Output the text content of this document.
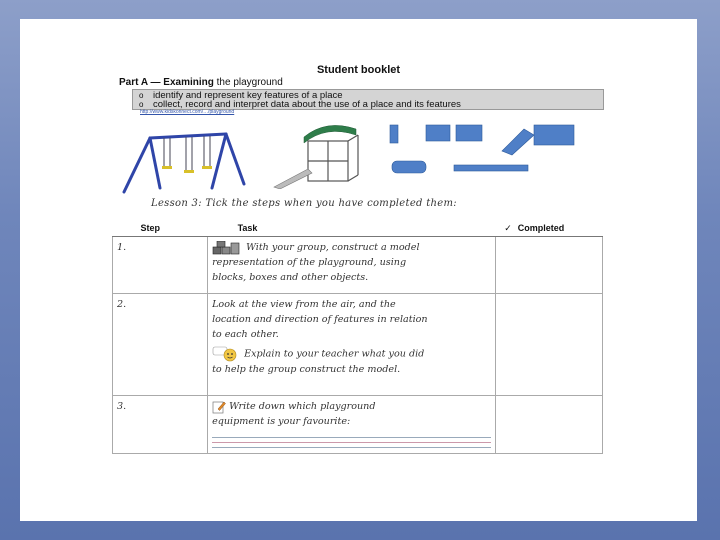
Student booklet
Part A — Examining the playground
o identify and represent key features of a place
o collect, record and interpret data about the use of a place and its features
http://www.kidskonnect.com/…/playground
Lesson 3: Tick the steps when you have completed them:
Step	Task	✓ Completed
1.	With your group, construct a model
representation of the playground, using
blocks, boxes and other objects.	

2.	Look at the view from the air, and the
location and direction of features in relation
to each other.
Explain to your teacher what you did
to help the group construct the model.	

3.	Write down which playground
equipment is your favourite:	
